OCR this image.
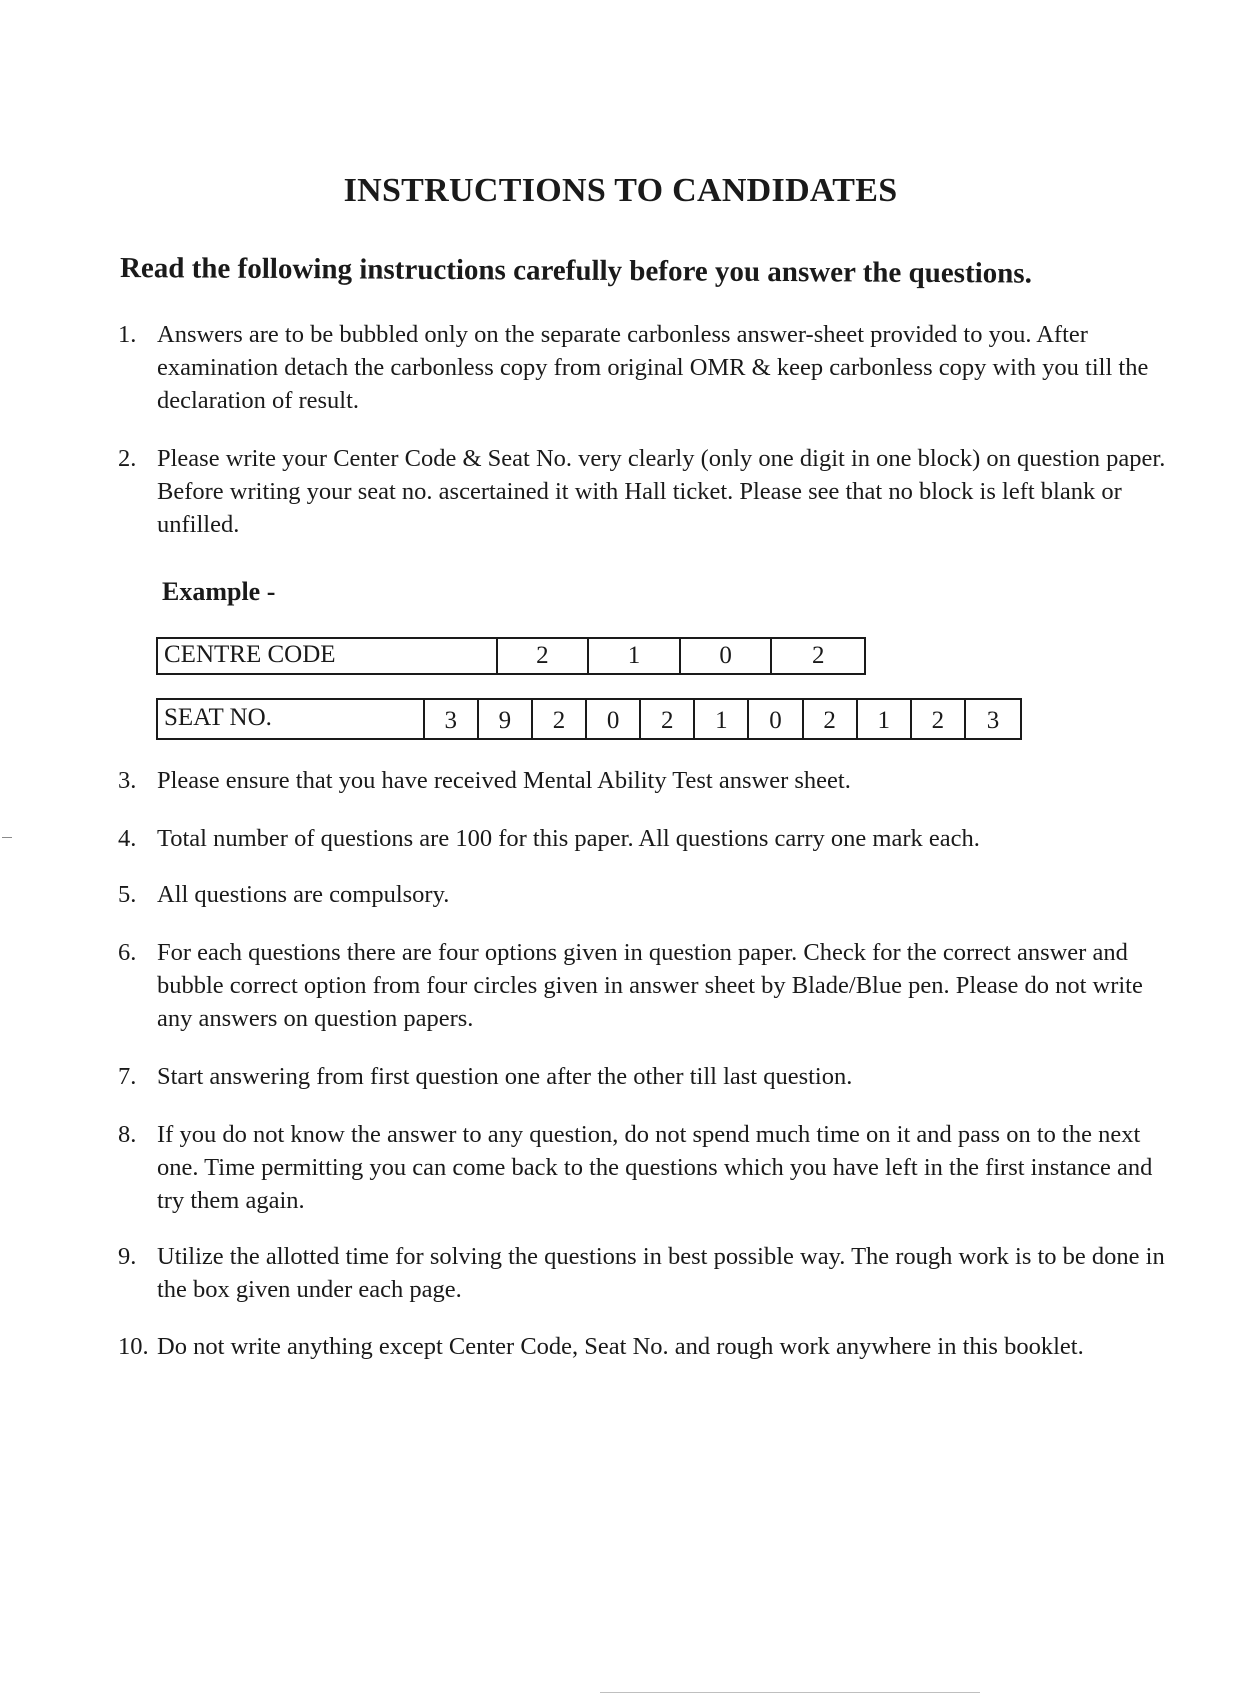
INSTRUCTIONS TO CANDIDATES
Read the following instructions carefully before you answer the questions.
1. Answers are to be bubbled only on the separate carbonless answer-sheet provided to you. After examination detach the carbonless copy from original OMR & keep carbonless copy with you till the declaration of result.
2. Please write your Center Code & Seat No. very clearly (only one digit in one block) on question paper. Before writing your seat no. ascertained it with Hall ticket. Please see that no block is left blank or unfilled.
Example -
CENTRE CODE	2	1	0	2
SEAT NO.	3	9	2	0	2	1	0	2	1	2	3
3. Please ensure that you have received Mental Ability Test answer sheet.
4. Total number of questions are 100 for this paper. All questions carry one mark each.
5. All questions are compulsory.
6. For each questions there are four options given in question paper. Check for the correct answer and bubble correct option from four circles given in answer sheet by Blade/Blue pen. Please do not write any answers on question papers.
7. Start answering from first question one after the other till last question.
8. If you do not know the answer to any question, do not spend much time on it and pass on to the next one. Time permitting you can come back to the questions which you have left in the first instance and try them again.
9. Utilize the allotted time for solving the questions in best possible way. The rough work is to be done in the box given under each page.
10. Do not write anything except Center Code, Seat No. and rough work anywhere in this booklet.
